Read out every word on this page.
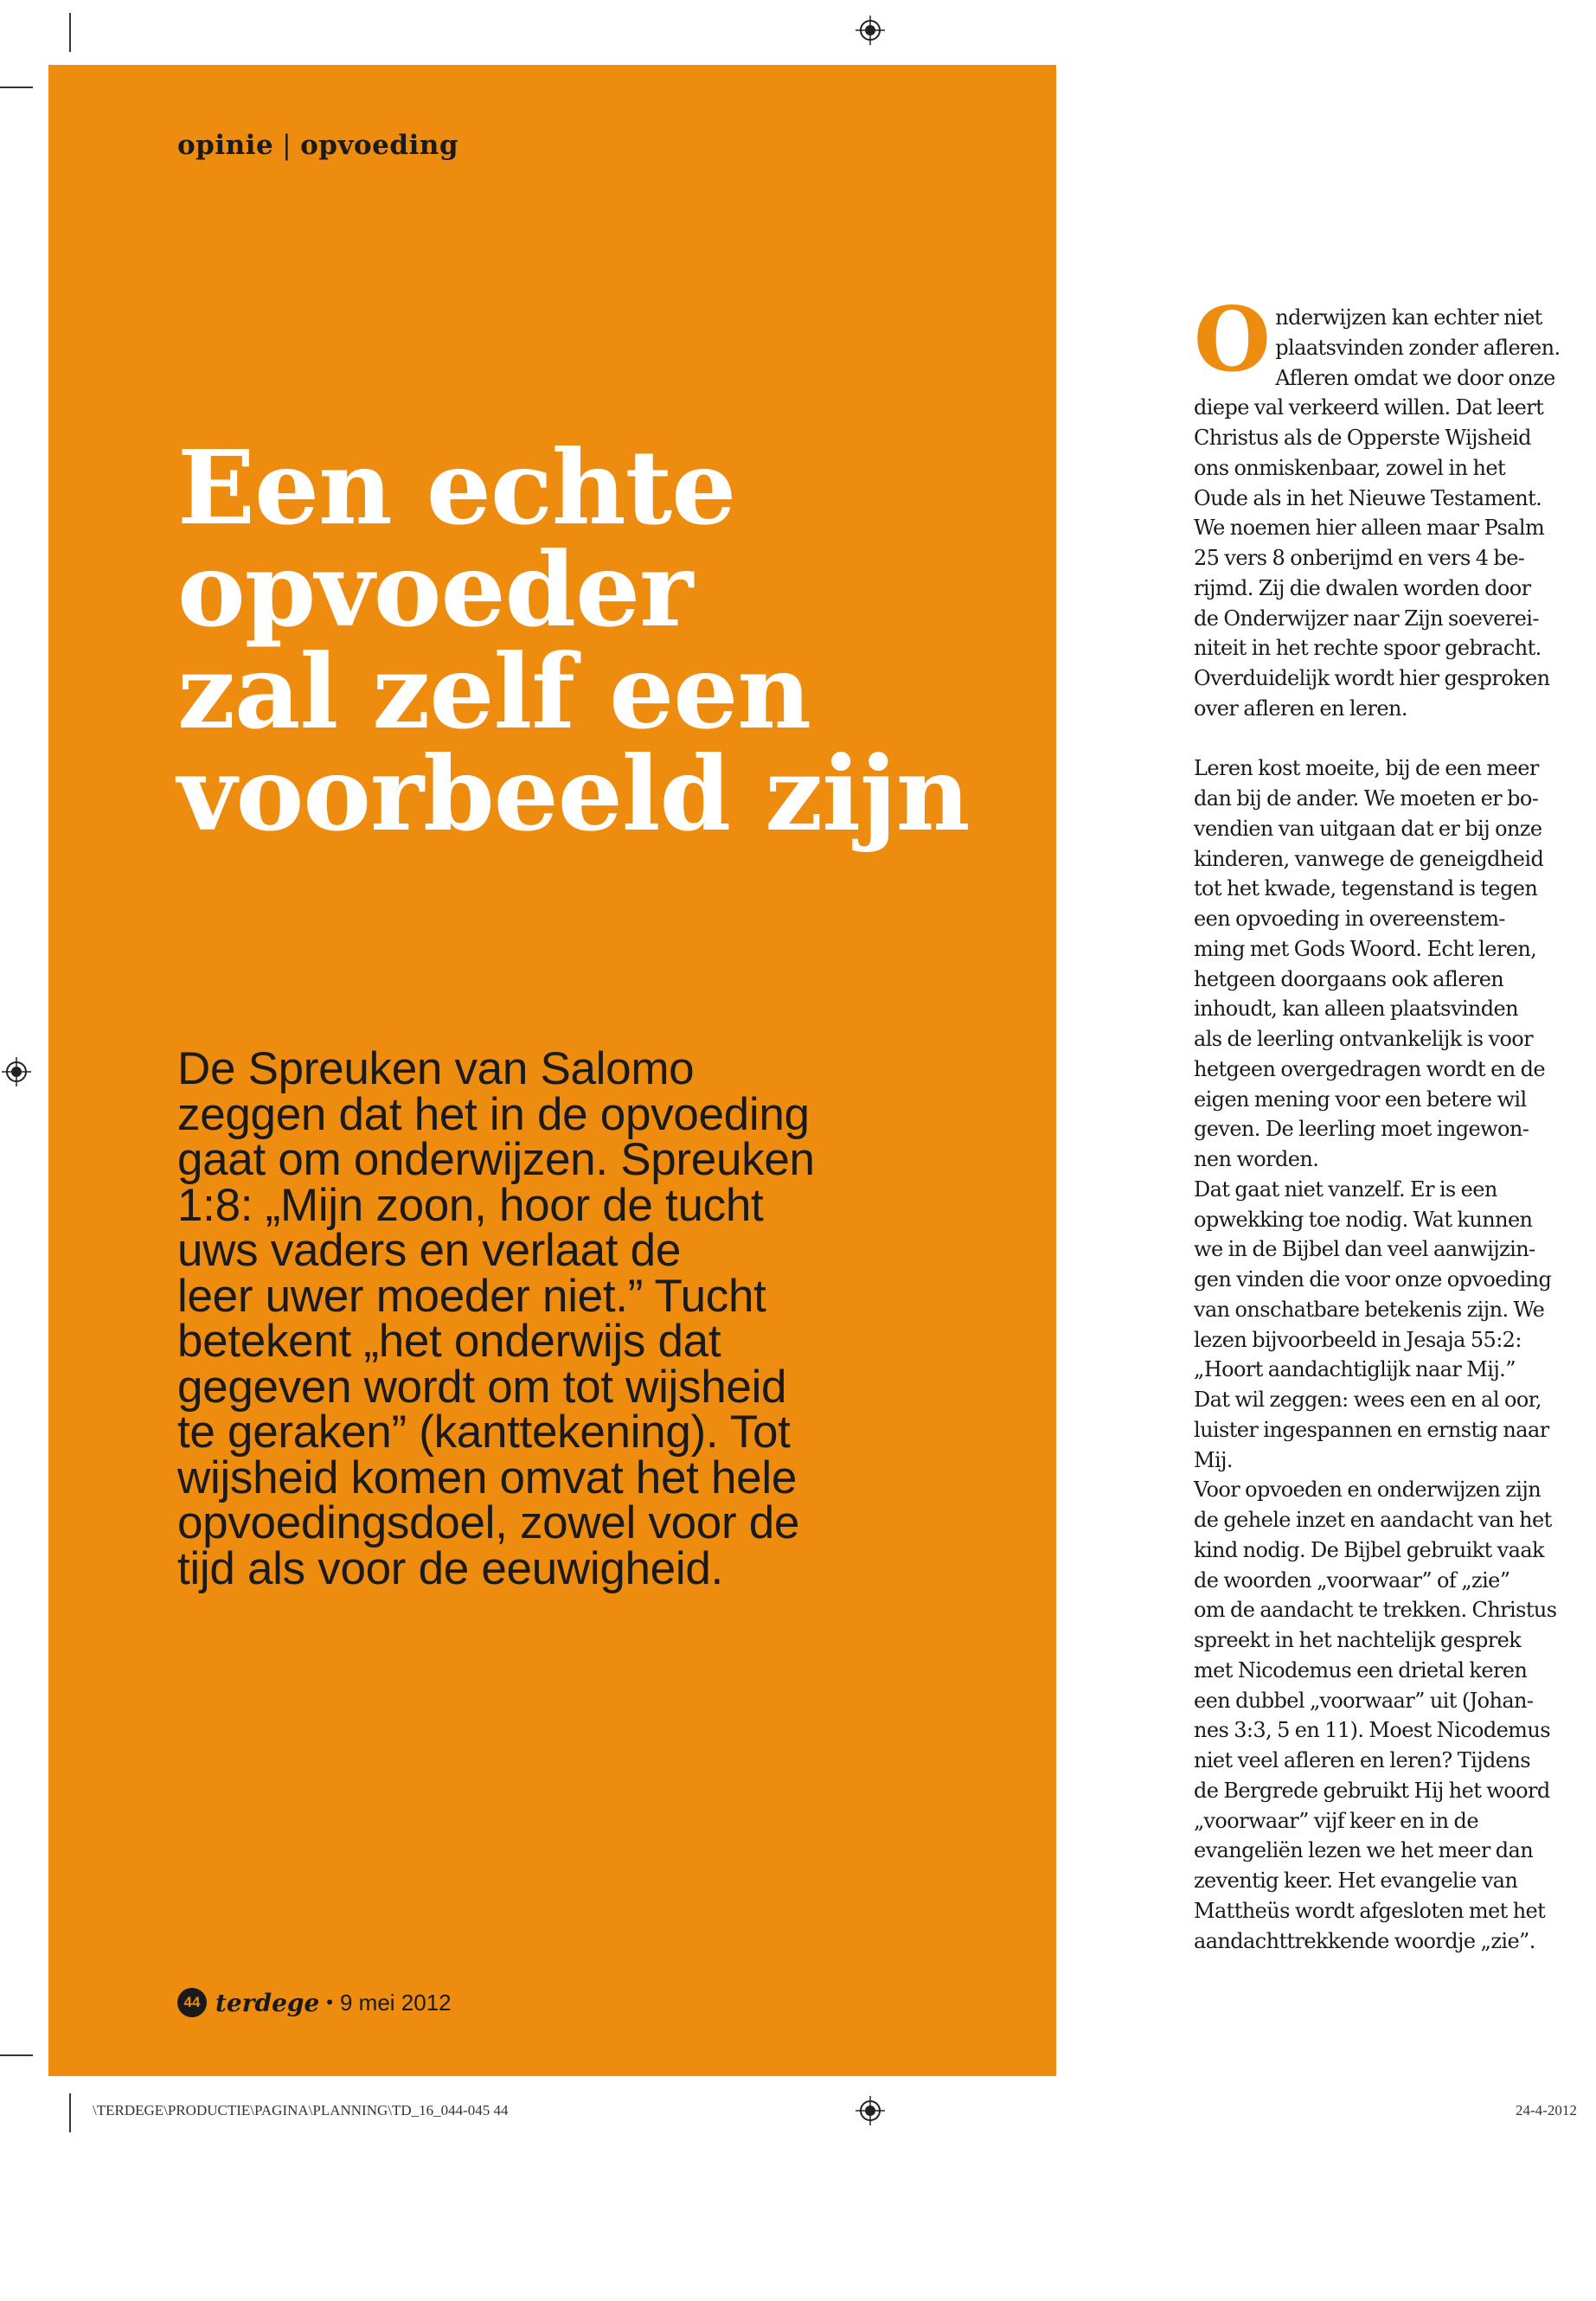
opinie | opvoeding
Een echte
opvoeder
zal zelf een
voorbeeld zijn
De Spreuken van Salomo
zeggen dat het in de opvoeding
gaat om onderwijzen. Spreuken
1:8: „Mijn zoon, hoor de tucht
uws vaders en verlaat de
leer uwer moeder niet.” Tucht
betekent „het onderwijs dat
gegeven wordt om tot wijsheid
te geraken” (kanttekening). Tot
wijsheid komen omvat het hele
opvoedingsdoel, zowel voor de
tijd als voor de eeuwigheid.
44 terdege • 9 mei 2012
O nderwijzen kan echter niet
plaatsvinden zonder afleren.
Afleren omdat we door onze
diepe val verkeerd willen. Dat leert
Christus als de Opperste Wijsheid
ons onmiskenbaar, zowel in het
Oude als in het Nieuwe Testament.
We noemen hier alleen maar Psalm
25 vers 8 onberijmd en vers 4 be-
rijmd. Zij die dwalen worden door
de Onderwijzer naar Zijn soeverei-
niteit in het rechte spoor gebracht.
Overduidelijk wordt hier gesproken
over afleren en leren.
Leren kost moeite, bij de een meer
dan bij de ander. We moeten er bo-
vendien van uitgaan dat er bij onze
kinderen, vanwege de geneigdheid
tot het kwade, tegenstand is tegen
een opvoeding in overeenstem-
ming met Gods Woord. Echt leren,
hetgeen doorgaans ook afleren
inhoudt, kan alleen plaatsvinden
als de leerling ontvankelijk is voor
hetgeen overgedragen wordt en de
eigen mening voor een betere wil
geven. De leerling moet ingewon-
nen worden.
Dat gaat niet vanzelf. Er is een
opwekking toe nodig. Wat kunnen
we in de Bijbel dan veel aanwijzin-
gen vinden die voor onze opvoeding
van onschatbare betekenis zijn. We
lezen bijvoorbeeld in Jesaja 55:2:
„Hoort aandachtiglijk naar Mij.”
Dat wil zeggen: wees een en al oor,
luister ingespannen en ernstig naar
Mij.
Voor opvoeden en onderwijzen zijn
de gehele inzet en aandacht van het
kind nodig. De Bijbel gebruikt vaak
de woorden „voorwaar” of „zie”
om de aandacht te trekken. Christus
spreekt in het nachtelijk gesprek
met Nicodemus een drietal keren
een dubbel „voorwaar” uit (Johan-
nes 3:3, 5 en 11). Moest Nicodemus
niet veel afleren en leren? Tijdens
de Bergrede gebruikt Hij het woord
„voorwaar” vijf keer en in de
evangeliën lezen we het meer dan
zeventig keer. Het evangelie van
Mattheüs wordt afgesloten met het
aandachttrekkende woordje „zie”.
\TERDEGE\PRODUCTIE\PAGINA\PLANNING\TD_16_044-045 44	24-4-2012
